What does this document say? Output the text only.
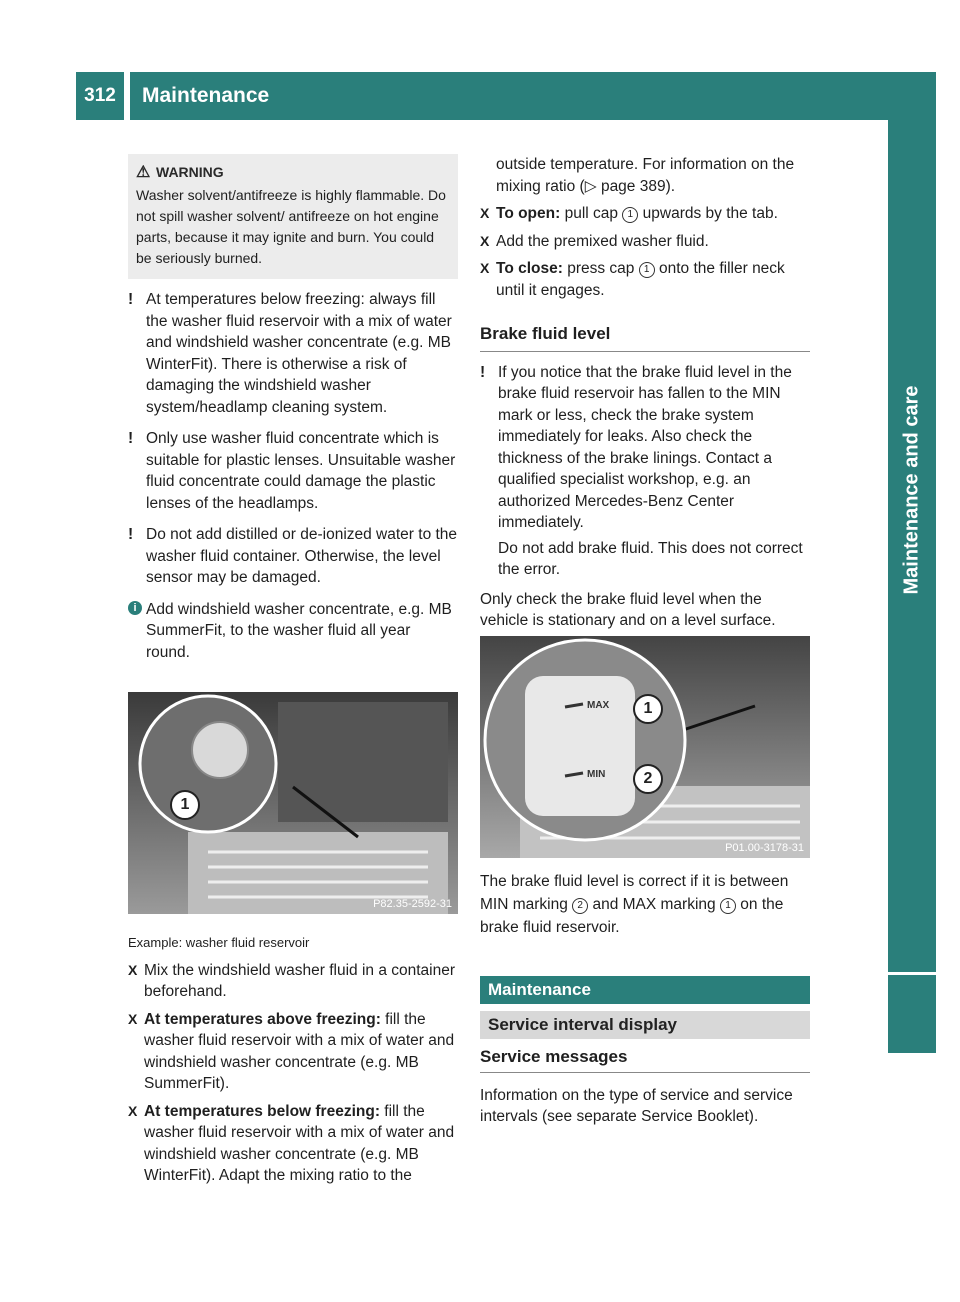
312	Maintenance
Maintenance and care
⚠ WARNING

Washer solvent/antifreeze is highly flammable. Do not spill washer solvent/ antifreeze on hot engine parts, because it may ignite and burn. You could be seriously burned.

! At temperatures below freezing: always fill the washer fluid reservoir with a mix of water and windshield washer concentrate (e.g. MB WinterFit). There is otherwise a risk of damaging the windshield washer system/headlamp cleaning system.
! Only use washer fluid concentrate which is suitable for plastic lenses. Unsuitable washer fluid concentrate could damage the plastic lenses of the headlamps.
! Do not add distilled or de-ionized water to the washer fluid container. Otherwise, the level sensor may be damaged.
i Add windshield washer concentrate, e.g. MB SummerFit, to the washer fluid all year round.
1
P82.35-2592-31
Example: washer fluid reservoir
X Mix the windshield washer fluid in a container beforehand.
X At temperatures above freezing: fill the washer fluid reservoir with a mix of water and windshield washer concentrate (e.g. MB SummerFit).
X At temperatures below freezing: fill the washer fluid reservoir with a mix of water and windshield washer concentrate (e.g. MB WinterFit). Adapt the mixing ratio to the

outside temperature. For information on the mixing ratio (▷ page 389).

X To open: pull cap 1 upwards by the tab.
X Add the premixed washer fluid.
X To close: press cap 1 onto the filler neck until it engages.
Brake fluid level
! If you notice that the brake fluid level in the brake fluid reservoir has fallen to the MIN mark or less, check the brake system immediately for leaks. Also check the thickness of the brake linings. Contact a qualified specialist workshop, e.g. an authorized Mercedes-Benz Center immediately.

Do not add brake fluid. This does not correct the error.

Only check the brake fluid level when the vehicle is stationary and on a level surface.

MAX
MIN
1
2
P01.00-3178-31

The brake fluid level is correct if it is between MIN marking 2 and MAX marking 1 on the brake fluid reservoir.

Maintenance
Service interval display
Service messages

Information on the type of service and service intervals (see separate Service Booklet).
